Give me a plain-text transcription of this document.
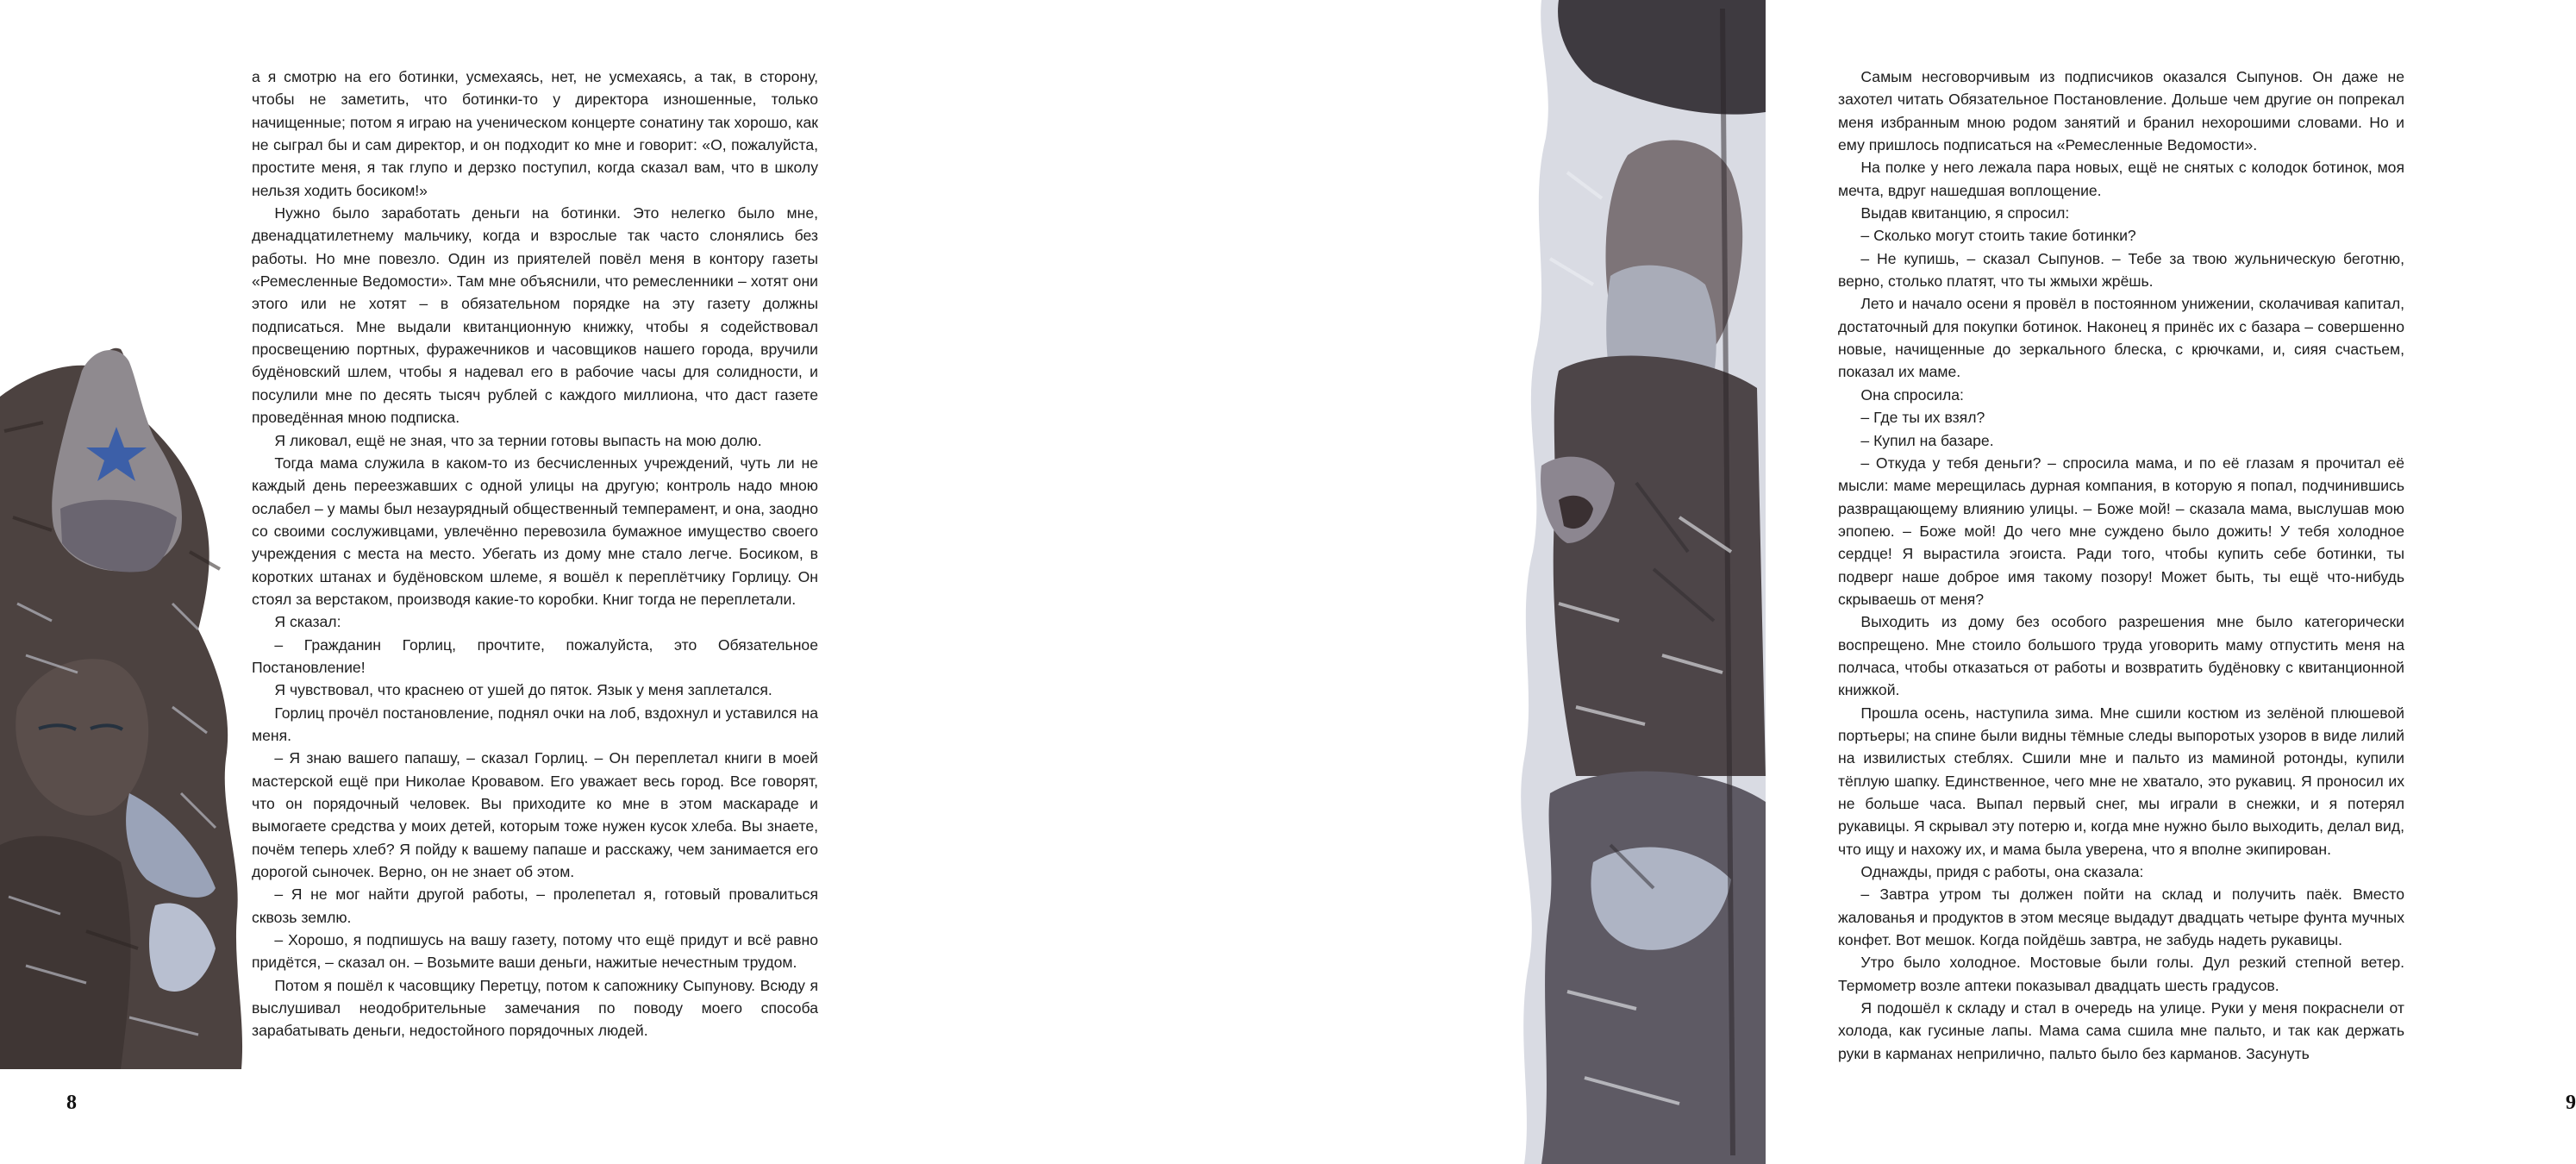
а я смотрю на его ботинки, усмехаясь, нет, не усмехаясь, а так, в сторону, чтобы не заметить, что ботинки-то у директора изношенные, только начищенные; потом я играю на ученическом концерте сонатину так хорошо, как не сыграл бы и сам директор, и он подходит ко мне и говорит: «О, пожалуйста, простите меня, я так глупо и дерзко поступил, когда сказал вам, что в школу нельзя ходить босиком!»

Нужно было заработать деньги на ботинки. Это нелегко было мне, двенадцатилетнему мальчику, когда и взрослые так часто слонялись без работы. Но мне повезло. Один из приятелей повёл меня в контору газеты «Ремесленные Ведомости». Там мне объяснили, что ремесленники – хотят они этого или не хотят – в обязательном порядке на эту газету должны подписаться. Мне выдали квитанционную книжку, чтобы я содействовал просвещению портных, фуражечников и часовщиков нашего города, вручили будёновский шлем, чтобы я надевал его в рабочие часы для солидности, и посулили мне по десять тысяч рублей с каждого миллиона, что даст газете проведённая мною подписка.

Я ликовал, ещё не зная, что за тернии готовы выпасть на мою долю.

Тогда мама служила в каком-то из бесчисленных учреждений, чуть ли не каждый день переезжавших с одной улицы на другую; контроль надо мною ослабел – у мамы был незаурядный общественный темперамент, и она, заодно со своими сослуживцами, увлечённо перевозила бумажное имущество своего учреждения с места на место. Убегать из дому мне стало легче. Босиком, в коротких штанах и будёновском шлеме, я вошёл к переплётчику Горлицу. Он стоял за верстаком, производя какие-то коробки. Книг тогда не переплетали.

Я сказал:

– Гражданин Горлиц, прочтите, пожалуйста, это Обязательное Постановление!

Я чувствовал, что краснею от ушей до пяток. Язык у меня заплетался.

Горлиц прочёл постановление, поднял очки на лоб, вздохнул и уставился на меня.

– Я знаю вашего папашу, – сказал Горлиц. – Он переплетал книги в моей мастерской ещё при Николае Кровавом. Его уважает весь город. Все говорят, что он порядочный человек. Вы приходите ко мне в этом маскараде и вымогаете средства у моих детей, которым тоже нужен кусок хлеба. Вы знаете, почём теперь хлеб? Я пойду к вашему папаше и расскажу, чем занимается его дорогой сыночек. Верно, он не знает об этом.

– Я не мог найти другой работы, – пролепетал я, готовый провалиться сквозь землю.

– Хорошо, я подпишусь на вашу газету, потому что ещё придут и всё равно придётся, – сказал он. – Возьмите ваши деньги, нажитые нечестным трудом.

Потом я пошёл к часовщику Перетцу, потом к сапожнику Сыпунову. Всюду я выслушивал неодобрительные замечания по поводу моего способа зарабатывать деньги, недостойного порядочных людей.

8

Самым несговорчивым из подписчиков оказался Сыпунов. Он даже не захотел читать Обязательное Постановление. Дольше чем другие он попрекал меня избранным мною родом занятий и бранил нехорошими словами. Но и ему пришлось подписаться на «Ремесленные Ведомости».

На полке у него лежала пара новых, ещё не снятых с колодок ботинок, моя мечта, вдруг нашедшая воплощение.

Выдав квитанцию, я спросил:

– Сколько могут стоить такие ботинки?

– Не купишь, – сказал Сыпунов. – Тебе за твою жульническую беготню, верно, столько платят, что ты жмыхи жрёшь.

Лето и начало осени я провёл в постоянном унижении, сколачивая капитал, достаточный для покупки ботинок. Наконец я принёс их с базара – совершенно новые, начищенные до зеркального блеска, с крючками, и, сияя счастьем, показал их маме.

Она спросила:

– Где ты их взял?

– Купил на базаре.

– Откуда у тебя деньги? – спросила мама, и по её глазам я прочитал её мысли: маме мерещилась дурная компания, в которую я попал, подчинившись развращающему влиянию улицы. – Боже мой! – сказала мама, выслушав мою эпопею. – Боже мой! До чего мне суждено было дожить! У тебя холодное сердце! Я вырастила эгоиста. Ради того, чтобы купить себе ботинки, ты подверг наше доброе имя такому позору! Может быть, ты ещё что-нибудь скрываешь от меня?

Выходить из дому без особого разрешения мне было категорически воспрещено. Мне стоило большого труда уговорить маму отпустить меня на полчаса, чтобы отказаться от работы и возвратить будёновку с квитанционной книжкой.

Прошла осень, наступила зима. Мне сшили костюм из зелёной плюшевой портьеры; на спине были видны тёмные следы выпоротых узоров в виде лилий на извилистых стеблях. Сшили мне и пальто из маминой ротонды, купили тёплую шапку. Единственное, чего мне не хватало, это рукавиц. Я проносил их не больше часа. Выпал первый снег, мы играли в снежки, и я потерял рукавицы. Я скрывал эту потерю и, когда мне нужно было выходить, делал вид, что ищу и нахожу их, и мама была уверена, что я вполне экипирован.

Однажды, придя с работы, она сказала:

– Завтра утром ты должен пойти на склад и получить паёк. Вместо жалованья и продуктов в этом месяце выдадут двадцать четыре фунта мучных конфет. Вот мешок. Когда пойдёшь завтра, не забудь надеть рукавицы.

Утро было холодное. Мостовые были голы. Дул резкий степной ветер. Термометр возле аптеки показывал двадцать шесть градусов.

Я подошёл к складу и стал в очередь на улице. Руки у меня покраснели от холода, как гусиные лапы. Мама сама сшила мне пальто, и так как держать руки в карманах неприлично, пальто было без карманов. Засунуть

9
